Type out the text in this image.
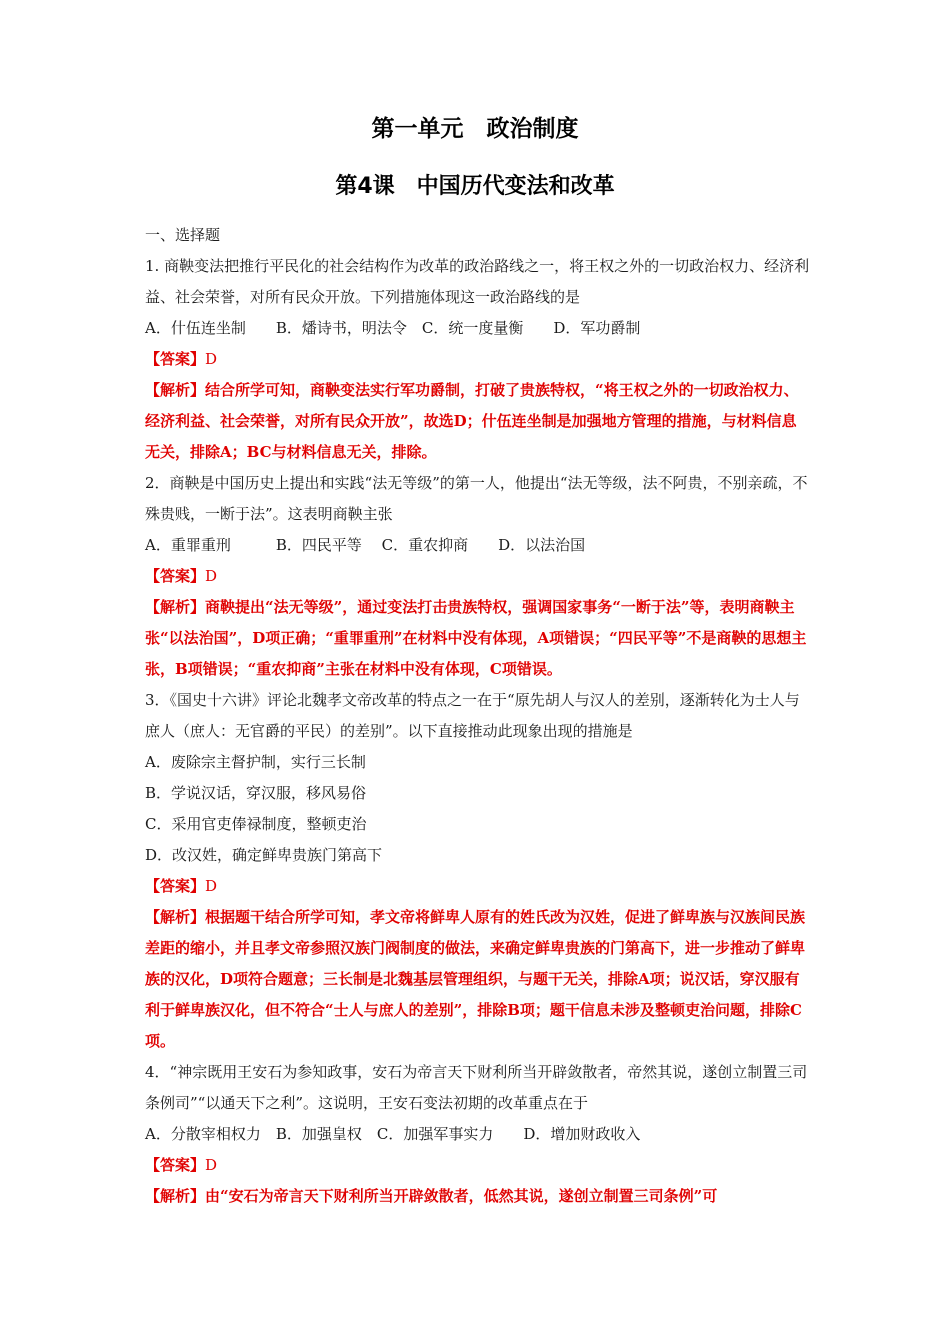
第一单元　政治制度
第4课　中国历代变法和改革

一、选择题

1. 商鞅变法把推行平民化的社会结构作为改革的政治路线之一，将王权之外的一切政治权力、经济利益、社会荣誉，对所有民众开放。下列措施体现这一政治路线的是

A．什伍连坐制　　B．燔诗书，明法令　C．统一度量衡　　D．军功爵制

【答案】D

【解析】结合所学可知，商鞅变法实行军功爵制，打破了贵族特权，“将王权之外的一切政治权力、经济利益、社会荣誉，对所有民众开放”，故选D；什伍连坐制是加强地方管理的措施，与材料信息无关，排除A；BC与材料信息无关，排除。

2．商鞅是中国历史上提出和实践“法无等级”的第一人，他提出“法无等级，法不阿贵，不别亲疏，不殊贵贱，一断于法”。这表明商鞅主张

A．重罪重刑　　　B．四民平等　 C．重农抑商　　D．以法治国

【答案】D

【解析】商鞅提出“法无等级”，通过变法打击贵族特权，强调国家事务“一断于法”等，表明商鞅主张“以法治国”，D项正确；“重罪重刑”在材料中没有体现，A项错误；“四民平等”不是商鞅的思想主张，B项错误；“重农抑商”主张在材料中没有体现，C项错误。

3．《国史十六讲》评论北魏孝文帝改革的特点之一在于“原先胡人与汉人的差别，逐渐转化为士人与庶人（庶人：无官爵的平民）的差别”。以下直接推动此现象出现的措施是

A．废除宗主督护制，实行三长制

B．学说汉话，穿汉服，移风易俗

C．采用官吏俸禄制度，整顿吏治

D．改汉姓，确定鲜卑贵族门第高下

【答案】D

【解析】根据题干结合所学可知，孝文帝将鲜卑人原有的姓氏改为汉姓，促进了鲜卑族与汉族间民族差距的缩小，并且孝文帝参照汉族门阀制度的做法，来确定鲜卑贵族的门第高下，进一步推动了鲜卑族的汉化，D项符合题意；三长制是北魏基层管理组织，与题干无关，排除A项；说汉话，穿汉服有利于鲜卑族汉化，但不符合“士人与庶人的差别”，排除B项；题干信息未涉及整顿吏治问题，排除C项。

4．“神宗既用王安石为参知政事，安石为帝言天下财利所当开辟敛散者，帝然其说，遂创立制置三司条例司”“以通天下之利”。这说明，王安石变法初期的改革重点在于

A．分散宰相权力　B．加强皇权　C．加强军事实力　　D．增加财政收入

【答案】D

【解析】由“安石为帝言天下财利所当开辟敛散者，低然其说，遂创立制置三司条例”可
